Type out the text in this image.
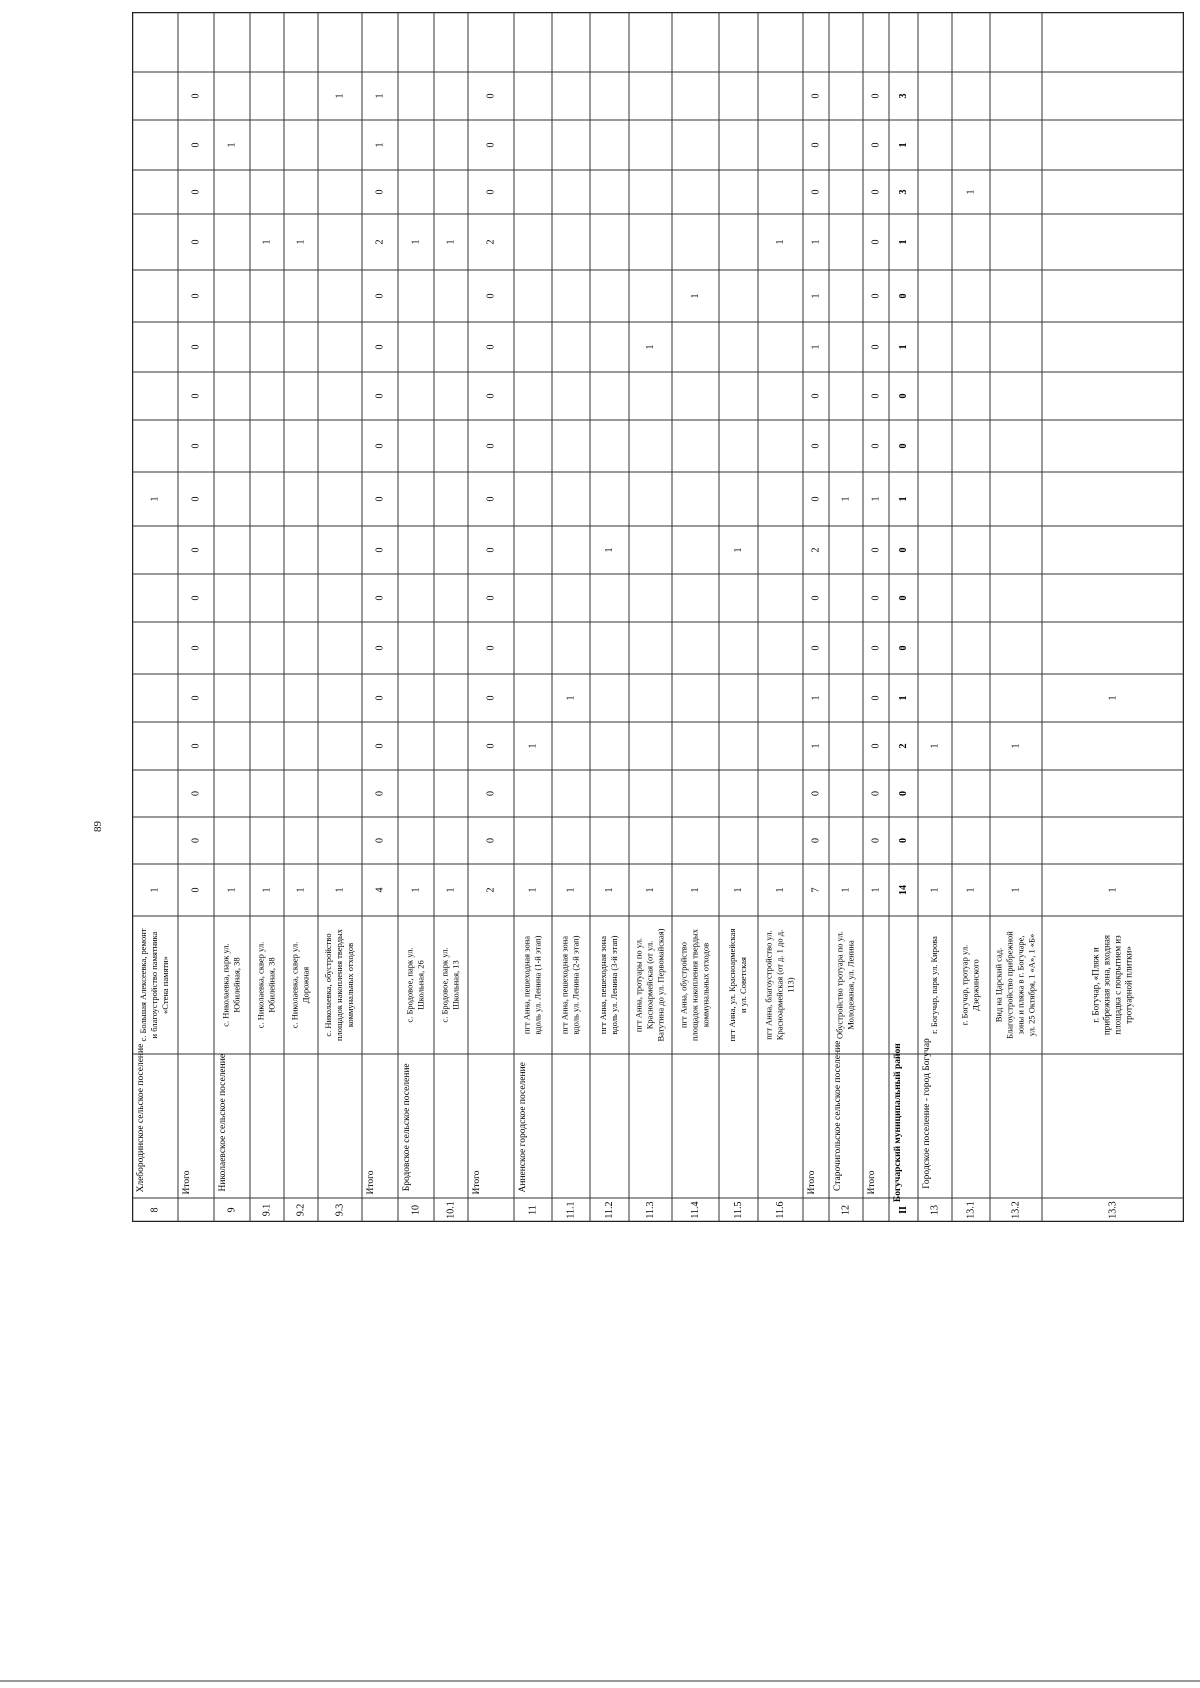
89
8
Хлебородинское сельское поселение
с. Большая Алексеевка, ремонт и благоустройство памятника «Стена памяти»
1
1
Итого
0
0
0
0
0
0
0
0
0
0
0
0
0
0
0
0
0
9
Николаевское сельское поселение
с. Николаевка, парк ул. Юбилейная, 38
1
1
9.1
с. Николаевка, сквер ул. Юбилейная, 38
1
1
9.2
с. Николаевка, сквер ул. Дорожная
1
1
9.3
с. Николаевка, обустройство площадок накопления твердых коммунальных отходов
1
1
Итого
4
0
0
0
0
0
0
0
0
0
0
0
0
2
0
1
1
10
Бродовское сельское поселение
с. Бродовое, парк ул. Школьная, 26
1
1
10.1
с. Бродовое, парк ул. Школьная, 13
1
1
Итого
2
0
0
0
0
0
0
0
0
0
0
0
0
2
0
0
0
11
Анненское городское поселение
пгт Анна, пешеходная зона вдоль ул. Ленина (1-й этап)
1
1
11.1
пгт Анна, пешеходная зона вдоль ул. Ленина (2-й этап)
1
1
11.2
пгт Анна, пешеходная зона вдоль ул. Ленина (3-й этап)
1
1
11.3
пгт Анна, тротуары по ул. Красноармейская (от ул. Ватутина до ул. Первомайская)
1
1
11.4
пгт Анна, обустройство площадок накопления твердых коммунальных отходов
1
1
11.5
пгт Анна, ул. Красноармейская и ул. Советская
1
1
11.6
пгт Анна, благоустройство ул. Красноармейская (от д. 1 до д. 113)
1
1
Итого
7
0
0
1
1
0
0
2
0
0
0
1
1
1
0
0
0
12
Старочигольское сельское поселение
Обустройство тротуара по ул. Молодежная, ул. Ленина
1
1
Итого
1
0
0
0
0
0
0
0
1
0
0
0
0
0
0
0
0
II
Богучарский муниципальный район
14
0
0
2
1
0
0
0
1
0
0
1
0
1
3
1
3
13
Городское поселение - город Богучар
г. Богучар, парк ул. Кирова
1
1
13.1
г. Богучар, тротуар ул. Дзержинского
1
1
13.2
Вид на Царский сад. Благоустройство прибрежной зоны и пляжа в г. Богучаре, ул. 25 Октября, 1 «А», 1 «Б»
1
1
13.3
г. Богучар, «Пляж и прибрежная зона, входная площадка с покрытием из тротуарной плитки»
1
1
